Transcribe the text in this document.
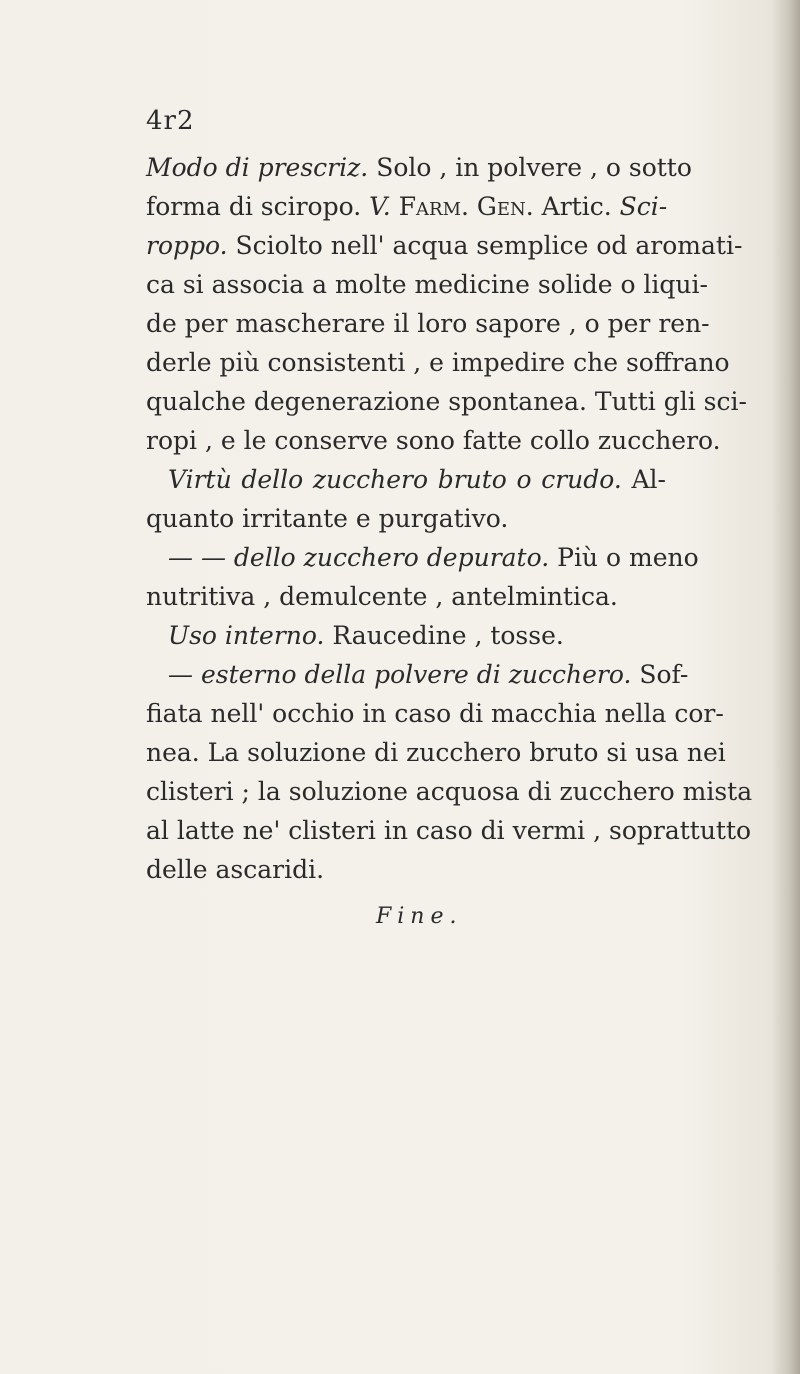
4r2
Modo di prescriz. Solo , in polvere , o sotto
forma di sciropo. V. Farm. Gen. Artic. Sci-
roppo. Sciolto nell' acqua semplice od aromati-
ca si associa a molte medicine solide o liqui-
de per mascherare il loro sapore , o per ren-
derle più consistenti , e impedire che soffrano
qualche degenerazione spontanea. Tutti gli sci-
ropi , e le conserve sono fatte collo zucchero.
Virtù dello zucchero bruto o crudo. Al-
quanto irritante e purgativo.
— — dello zucchero depurato. Più o meno
nutritiva , demulcente , antelmintica.
Uso interno. Raucedine , tosse.
— esterno della polvere di zucchero. Sof-
fiata nell' occhio in caso di macchia nella cor-
nea. La soluzione di zucchero bruto si usa nei
clisteri ; la soluzione acquosa di zucchero mista
al latte ne' clisteri in caso di vermi , soprattutto
delle ascaridi.
Fine.
